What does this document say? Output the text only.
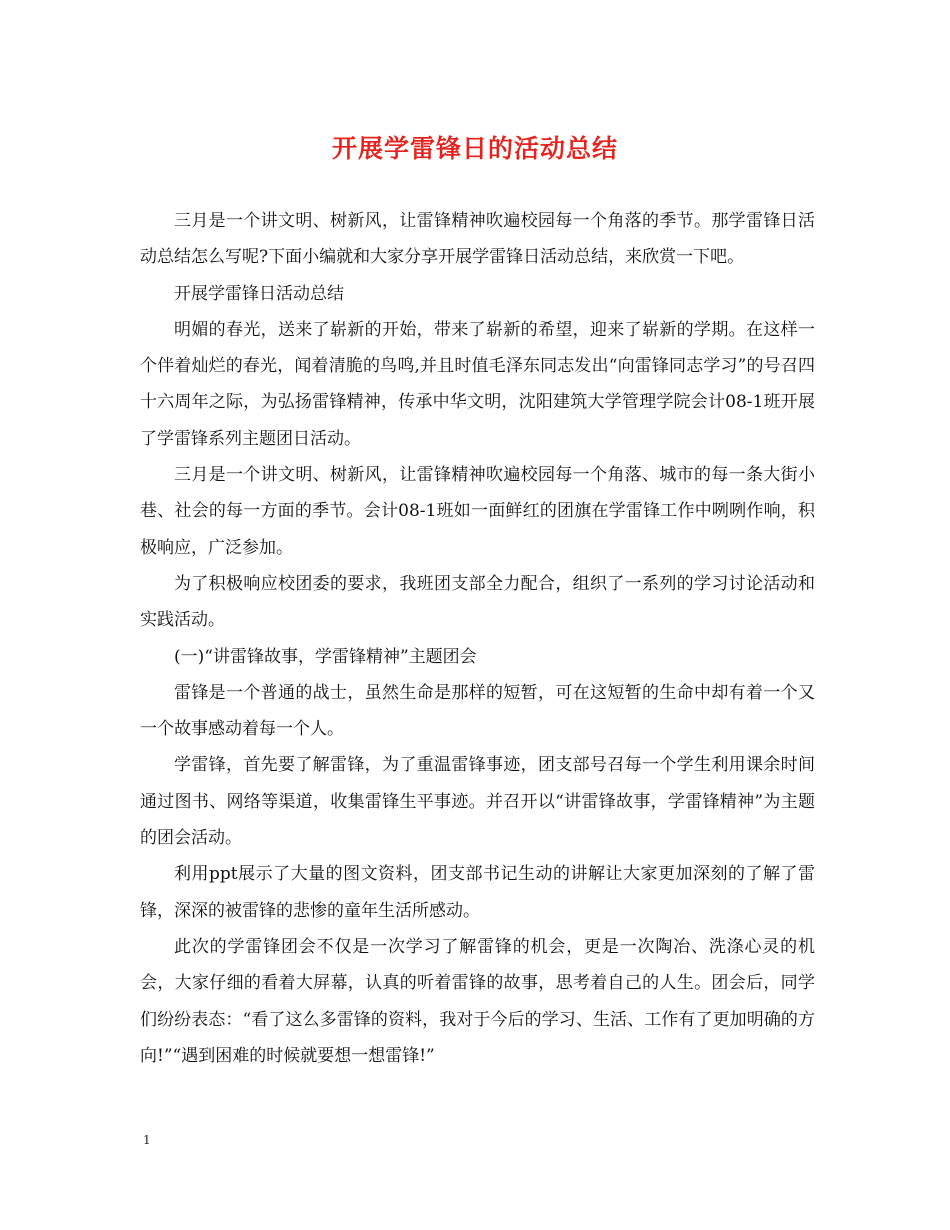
开展学雷锋日的活动总结

三月是一个讲文明、树新风，让雷锋精神吹遍校园每一个角落的季节。那学雷锋日活动总结怎么写呢?下面小编就和大家分享开展学雷锋日活动总结，来欣赏一下吧。

开展学雷锋日活动总结

明媚的春光，送来了崭新的开始，带来了崭新的希望，迎来了崭新的学期。在这样一个伴着灿烂的春光，闻着清脆的鸟鸣,并且时值毛泽东同志发出“向雷锋同志学习”的号召四十六周年之际，为弘扬雷锋精神，传承中华文明，沈阳建筑大学管理学院会计08-1班开展了学雷锋系列主题团日活动。

三月是一个讲文明、树新风，让雷锋精神吹遍校园每一个角落、城市的每一条大街小巷、社会的每一方面的季节。会计08-1班如一面鲜红的团旗在学雷锋工作中咧咧作响，积极响应，广泛参加。

为了积极响应校团委的要求，我班团支部全力配合，组织了一系列的学习讨论活动和实践活动。

(一)“讲雷锋故事，学雷锋精神”主题团会

雷锋是一个普通的战士，虽然生命是那样的短暂，可在这短暂的生命中却有着一个又一个故事感动着每一个人。

学雷锋，首先要了解雷锋，为了重温雷锋事迹，团支部号召每一个学生利用课余时间通过图书、网络等渠道，收集雷锋生平事迹。并召开以“讲雷锋故事，学雷锋精神”为主题的团会活动。

利用ppt展示了大量的图文资料，团支部书记生动的讲解让大家更加深刻的了解了雷锋，深深的被雷锋的悲惨的童年生活所感动。

此次的学雷锋团会不仅是一次学习了解雷锋的机会，更是一次陶冶、洗涤心灵的机会，大家仔细的看着大屏幕，认真的听着雷锋的故事，思考着自己的人生。团会后，同学们纷纷表态：“看了这么多雷锋的资料，我对于今后的学习、生活、工作有了更加明确的方向!”“遇到困难的时候就要想一想雷锋!”

1
